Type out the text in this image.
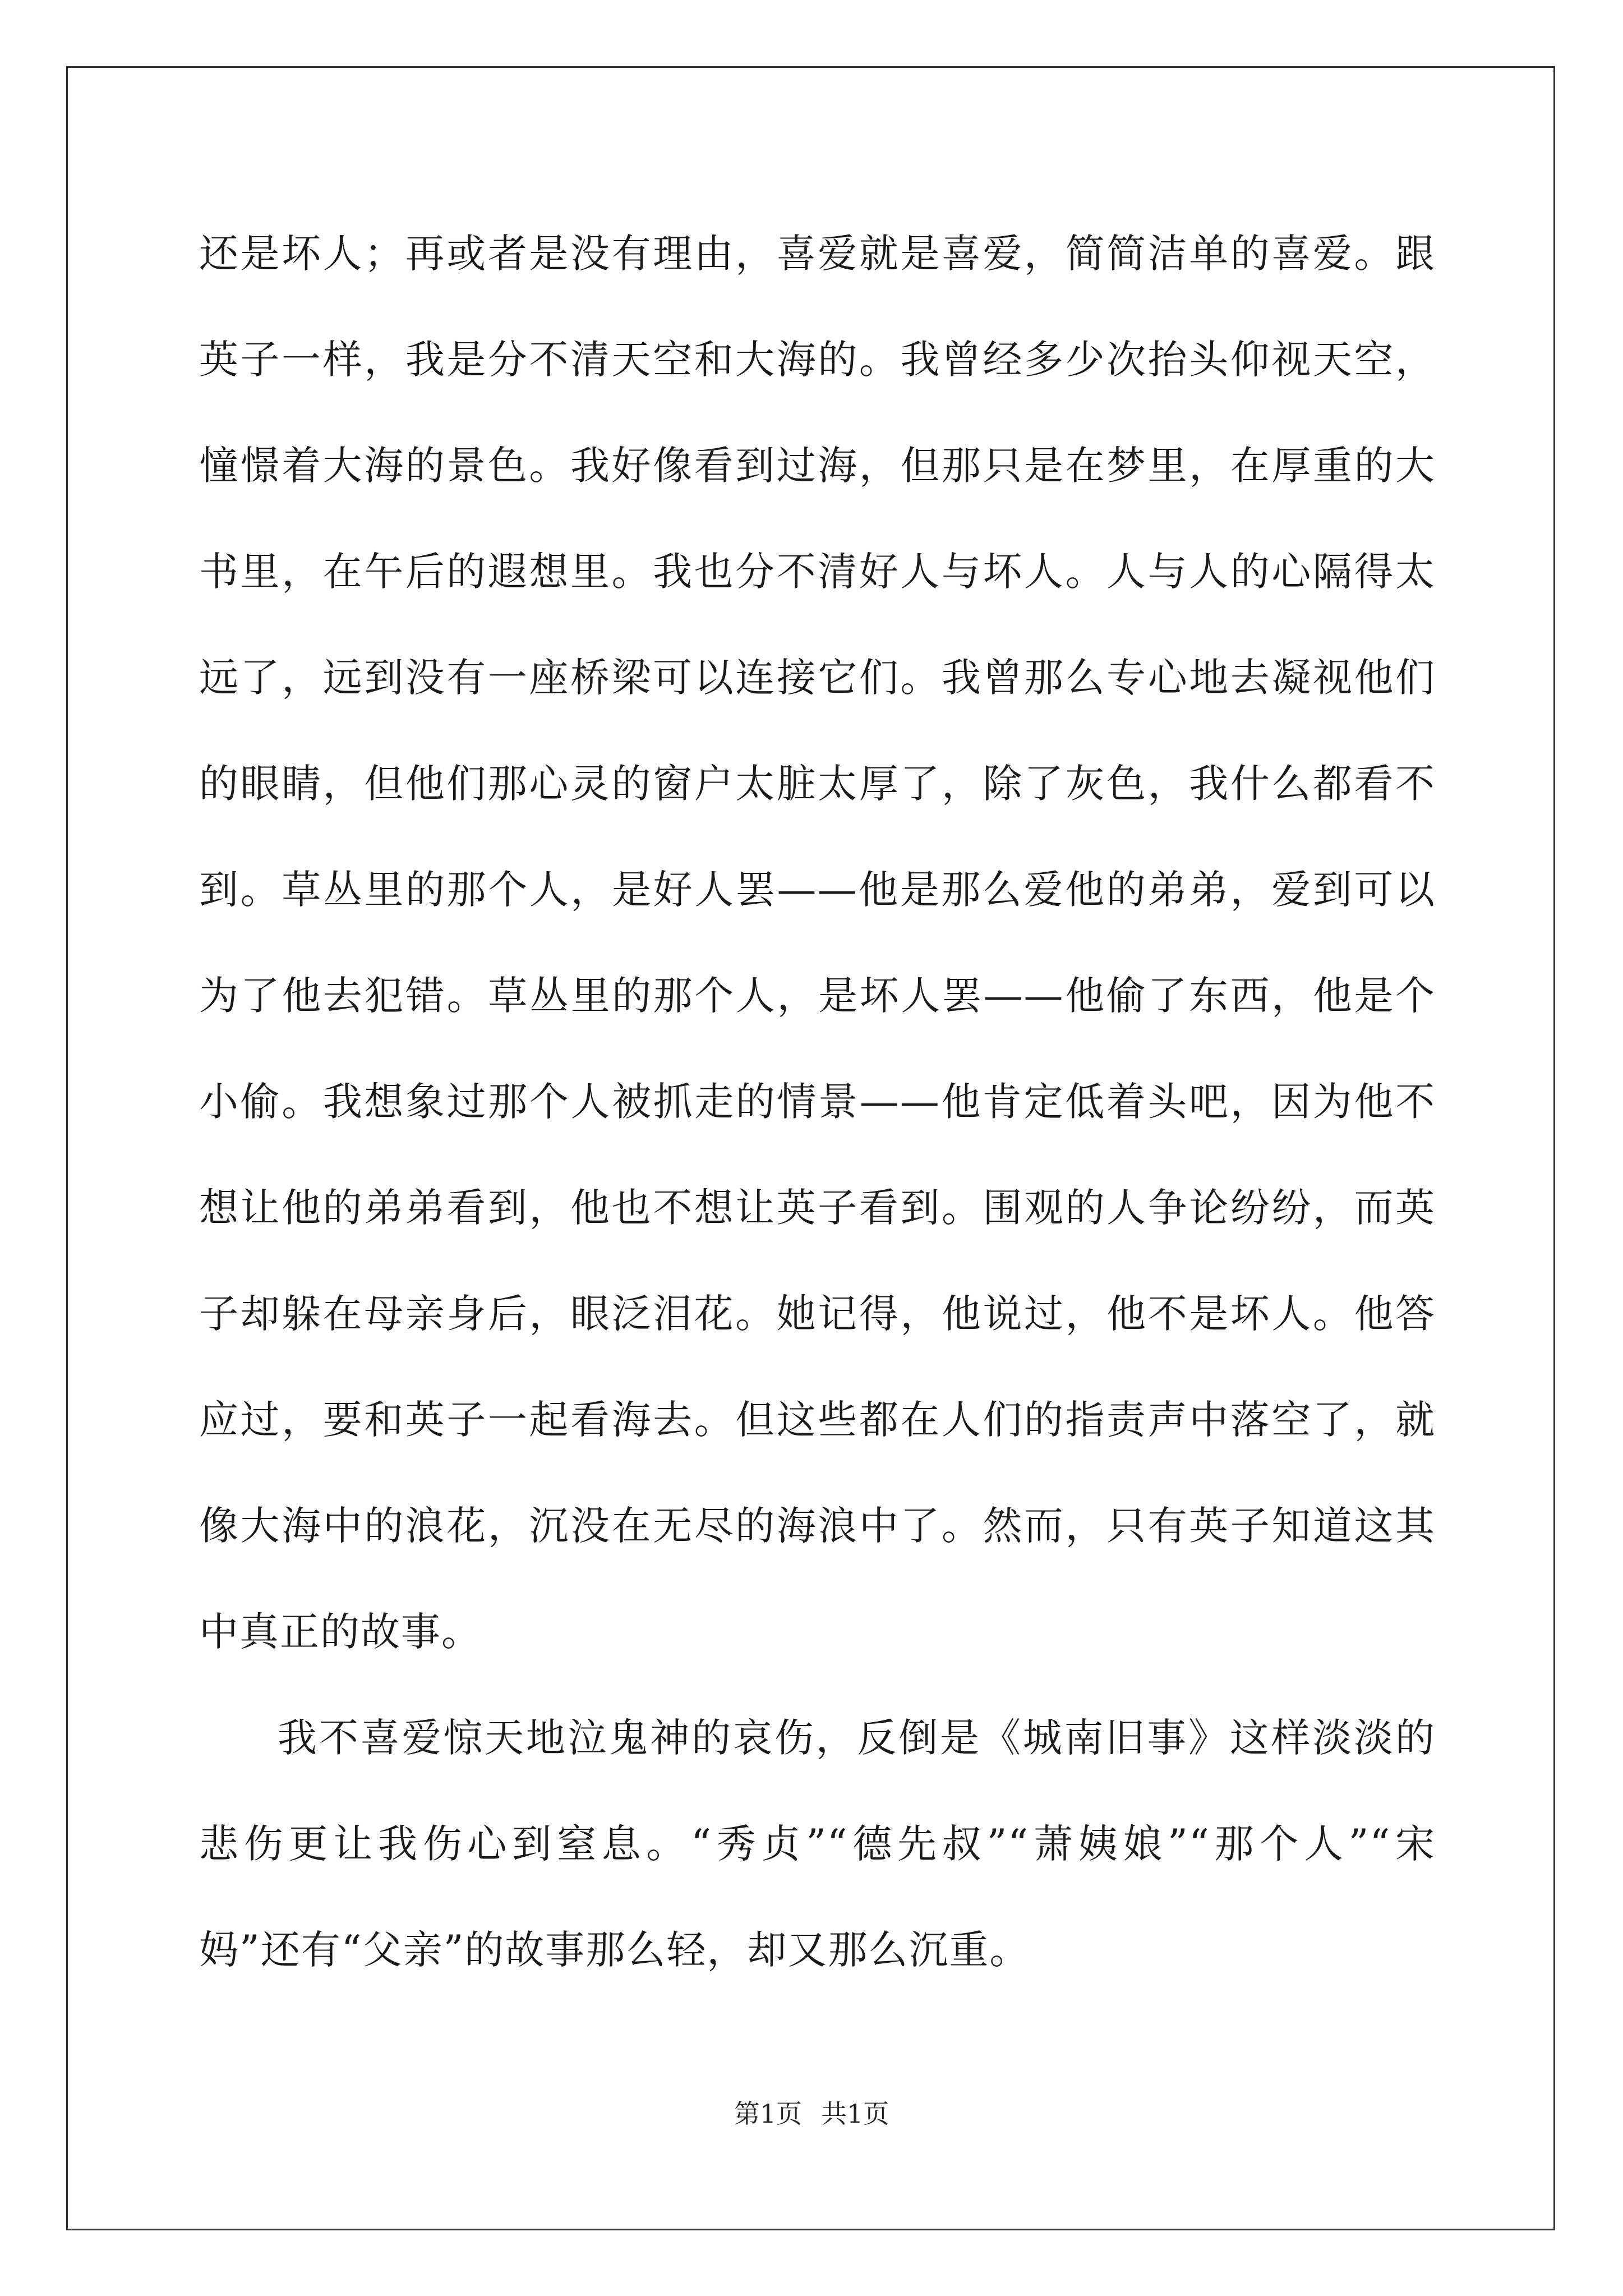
还是坏人；再或者是没有理由，喜爱就是喜爱，简简洁单的喜爱。跟
英子一样，我是分不清天空和大海的。我曾经多少次抬头仰视天空，
憧憬着大海的景色。我好像看到过海，但那只是在梦里，在厚重的大
书里，在午后的遐想里。我也分不清好人与坏人。人与人的心隔得太
远了，远到没有一座桥梁可以连接它们。我曾那么专心地去凝视他们
的眼睛，但他们那心灵的窗户太脏太厚了，除了灰色，我什么都看不
到。草丛里的那个人，是好人罢——他是那么爱他的弟弟，爱到可以
为了他去犯错。草丛里的那个人，是坏人罢——他偷了东西，他是个
小偷。我想象过那个人被抓走的情景——他肯定低着头吧，因为他不
想让他的弟弟看到，他也不想让英子看到。围观的人争论纷纷，而英
子却躲在母亲身后，眼泛泪花。她记得，他说过，他不是坏人。他答
应过，要和英子一起看海去。但这些都在人们的指责声中落空了，就
像大海中的浪花，沉没在无尽的海浪中了。然而，只有英子知道这其
中真正的故事。
我不喜爱惊天地泣鬼神的哀伤，反倒是《城南旧事》这样淡淡的
悲伤更让我伤心到窒息。“秀贞”“德先叔”“萧姨娘”“那个人”“宋
妈”还有“父亲”的故事那么轻，却又那么沉重。
第1页 共1页
